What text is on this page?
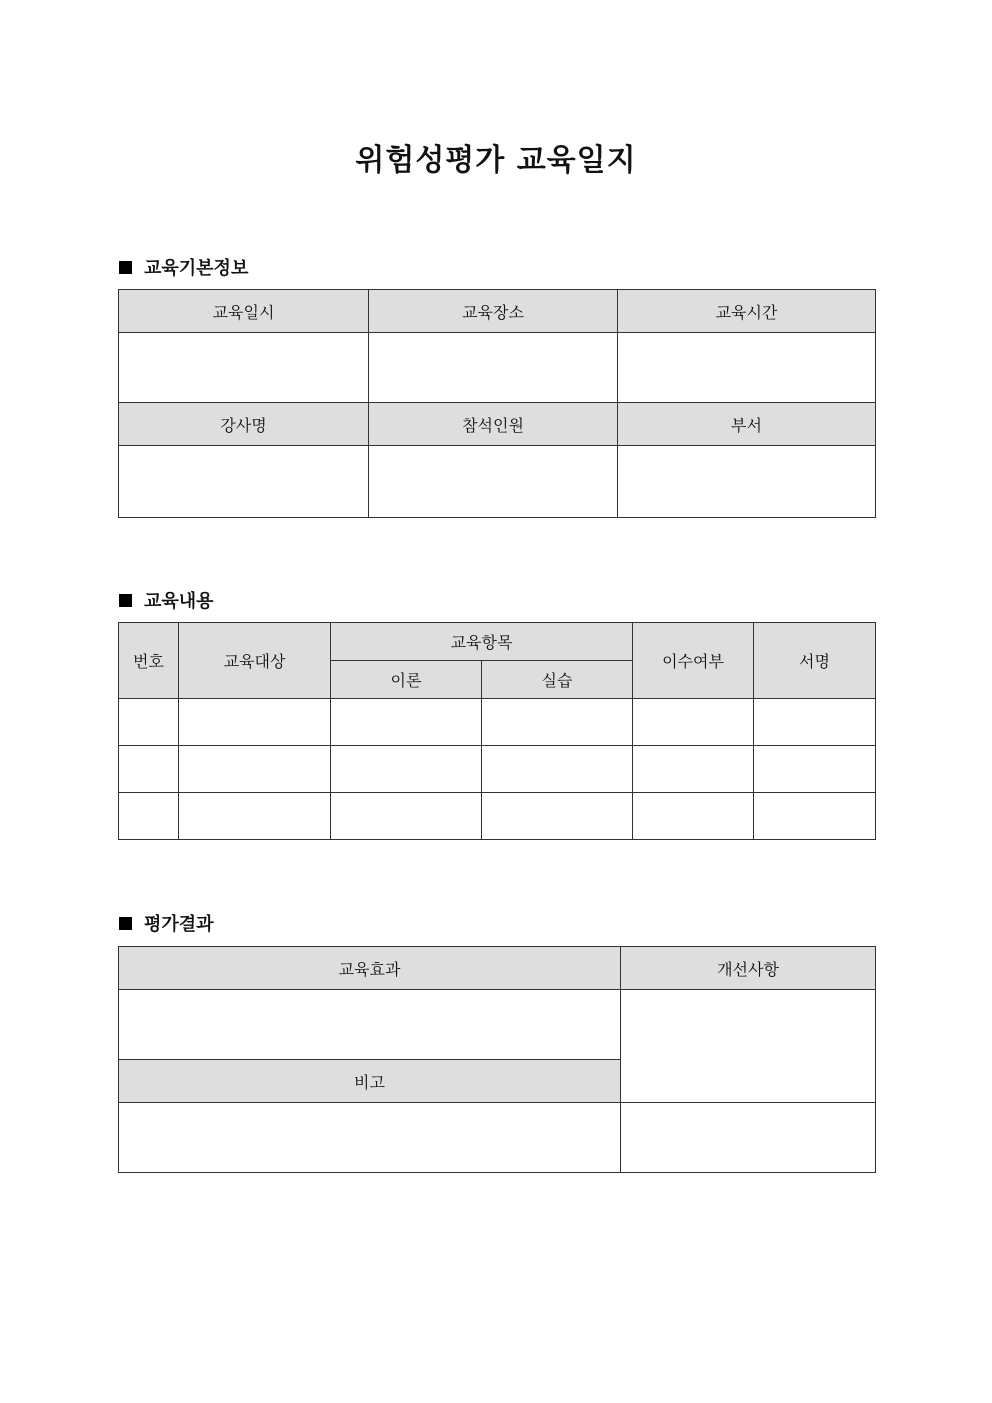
위험성평가 교육일지
교육기본정보
교육일시	교육장소	교육시간

강사명	참석인원	부서

교육내용
번호	교육대상	교육항목		이수여부	서명
		이론	실습		

평가결과
교육효과	개선사항

비고	
